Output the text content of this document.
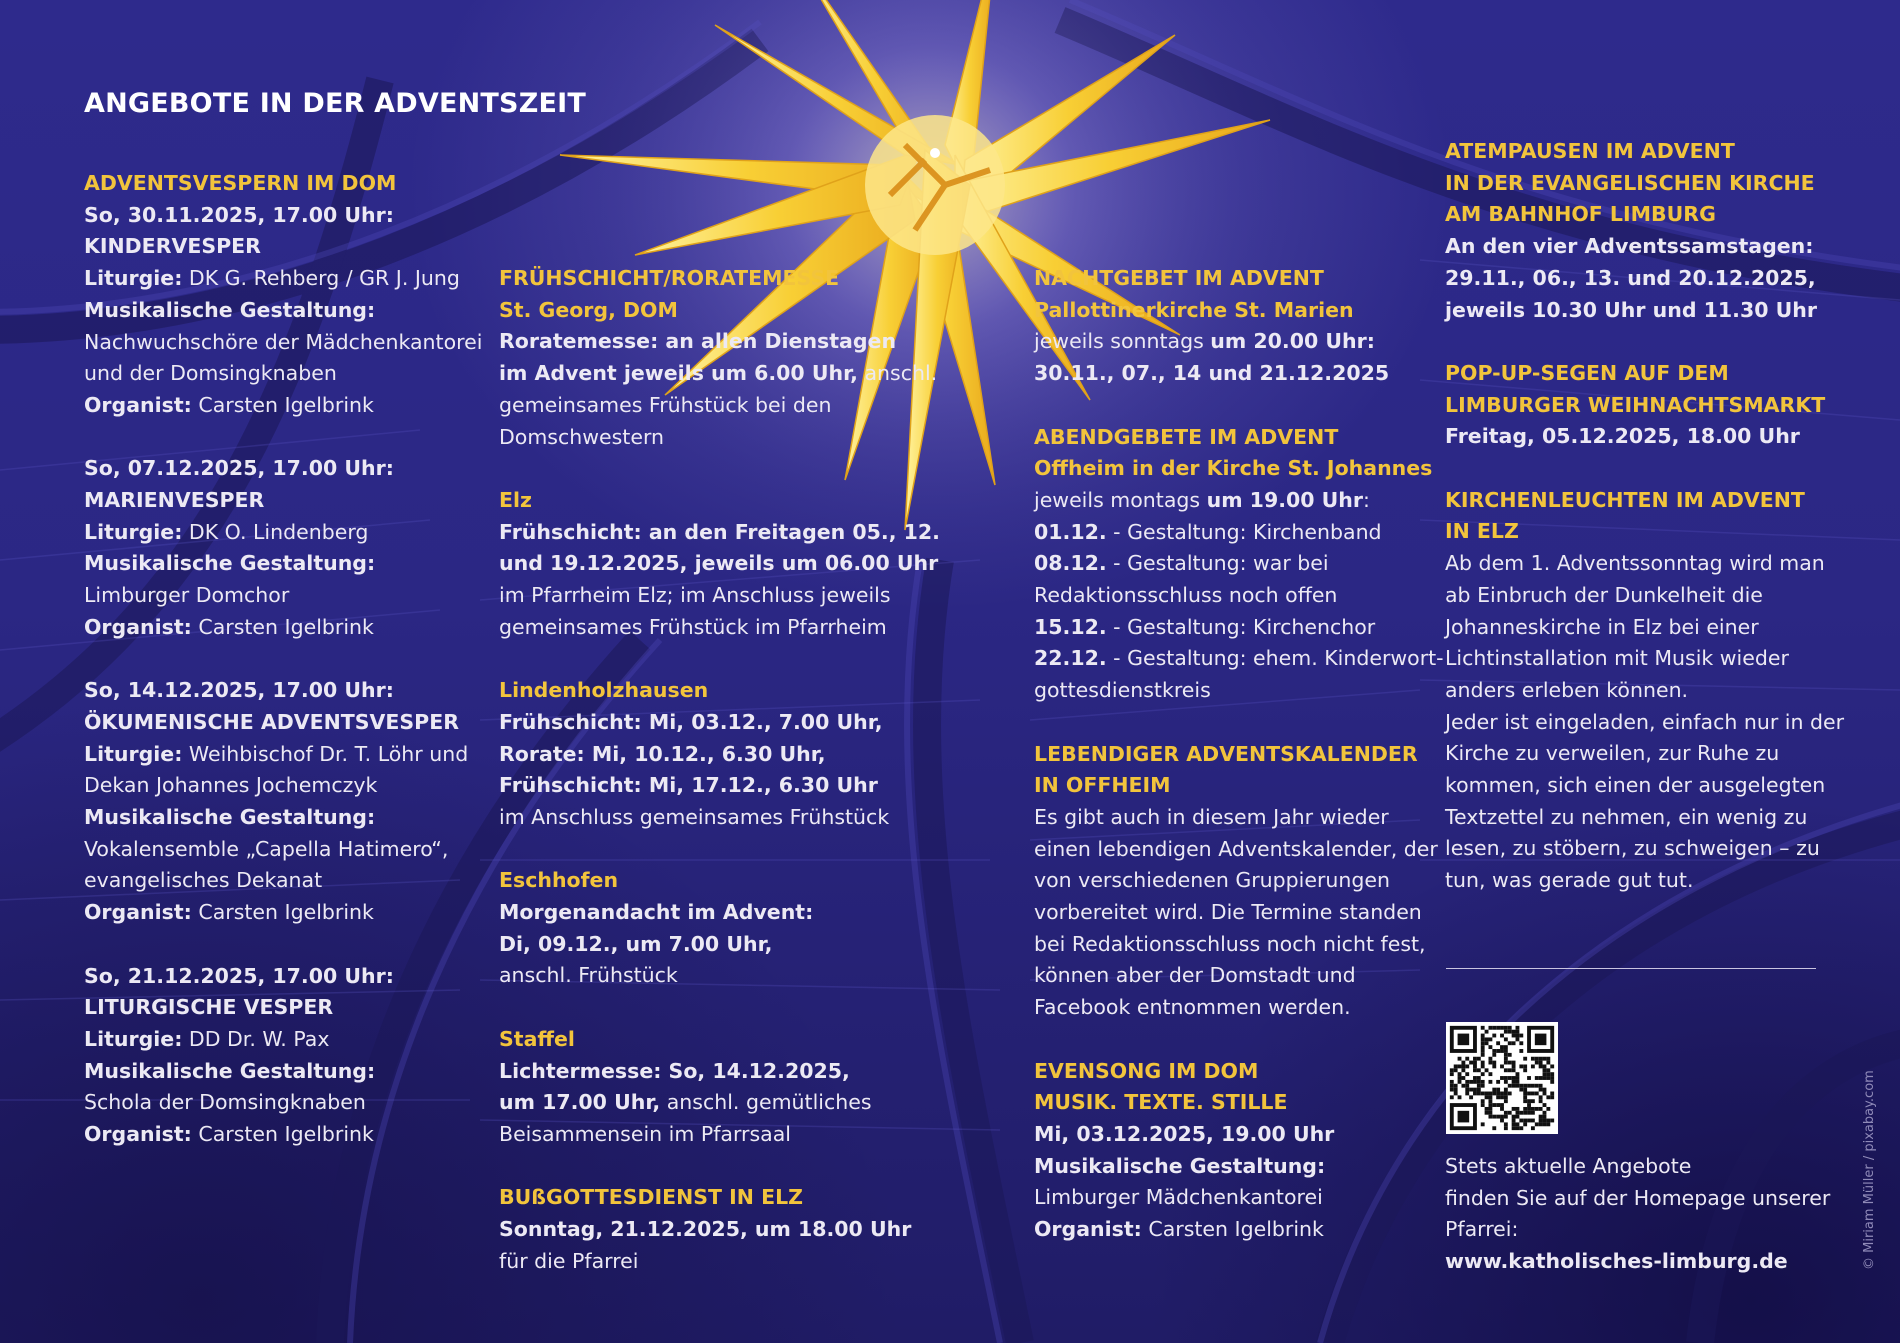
ANGEBOTE IN DER ADVENTSZEIT
ADVENTSVESPERN IM DOM
So, 30.11.2025, 17.00 Uhr:
KINDERVESPER
Liturgie: DK G. Rehberg / GR J. Jung
Musikalische Gestaltung:
Nachwuchschöre der Mädchenkantorei
und der Domsingknaben
Organist: Carsten Igelbrink
So, 07.12.2025, 17.00 Uhr:
MARIENVESPER
Liturgie: DK O. Lindenberg
Musikalische Gestaltung:
Limburger Domchor
Organist: Carsten Igelbrink
So, 14.12.2025, 17.00 Uhr:
ÖKUMENISCHE ADVENTSVESPER
Liturgie: Weihbischof Dr. T. Löhr und
Dekan Johannes Jochemczyk
Musikalische Gestaltung:
Vokalensemble „Capella Hatimero“,
evangelisches Dekanat
Organist: Carsten Igelbrink
So, 21.12.2025, 17.00 Uhr:
LITURGISCHE VESPER
Liturgie: DD Dr. W. Pax
Musikalische Gestaltung:
Schola der Domsingknaben
Organist: Carsten Igelbrink
FRÜHSCHICHT/RORATEMESSE
St. Georg, DOM
Roratemesse: an allen Dienstagen
im Advent jeweils um 6.00 Uhr, anschl.
gemeinsames Frühstück bei den
Domschwestern
Elz
Frühschicht: an den Freitagen 05., 12.
und 19.12.2025, jeweils um 06.00 Uhr
im Pfarrheim Elz; im Anschluss jeweils
gemeinsames Frühstück im Pfarrheim
Lindenholzhausen
Frühschicht: Mi, 03.12., 7.00 Uhr,
Rorate: Mi, 10.12., 6.30 Uhr,
Frühschicht: Mi, 17.12., 6.30 Uhr
im Anschluss gemeinsames Frühstück
Eschhofen
Morgenandacht im Advent:
Di, 09.12., um 7.00 Uhr,
anschl. Frühstück
Staffel
Lichtermesse: So, 14.12.2025,
um 17.00 Uhr, anschl. gemütliches
Beisammensein im Pfarrsaal
BUßGOTTESDIENST IN ELZ
Sonntag, 21.12.2025, um 18.00 Uhr
für die Pfarrei
NACHTGEBET IM ADVENT
Pallottinerkirche St. Marien
jeweils sonntags um 20.00 Uhr:
30.11., 07., 14 und 21.12.2025
ABENDGEBETE IM ADVENT
Offheim in der Kirche St. Johannes
jeweils montags um 19.00 Uhr:
01.12. - Gestaltung: Kirchenband
08.12. - Gestaltung: war bei
Redaktionsschluss noch offen
15.12. - Gestaltung: Kirchenchor
22.12. - Gestaltung: ehem. Kinderwort-
gottesdienstkreis
LEBENDIGER ADVENTSKALENDER
IN OFFHEIM
Es gibt auch in diesem Jahr wieder
einen lebendigen Adventskalender, der
von verschiedenen Gruppierungen
vorbereitet wird. Die Termine standen
bei Redaktionsschluss noch nicht fest,
können aber der Domstadt und
Facebook entnommen werden.
EVENSONG IM DOM
MUSIK. TEXTE. STILLE
Mi, 03.12.2025, 19.00 Uhr
Musikalische Gestaltung:
Limburger Mädchenkantorei
Organist: Carsten Igelbrink
ATEMPAUSEN IM ADVENT
IN DER EVANGELISCHEN KIRCHE
AM BAHNHOF LIMBURG
An den vier Adventssamstagen:
29.11., 06., 13. und 20.12.2025,
jeweils 10.30 Uhr und 11.30 Uhr
POP-UP-SEGEN AUF DEM
LIMBURGER WEIHNACHTSMARKT
Freitag, 05.12.2025, 18.00 Uhr
KIRCHENLEUCHTEN IM ADVENT
IN ELZ
Ab dem 1. Adventssonntag wird man
ab Einbruch der Dunkelheit die
Johanneskirche in Elz bei einer
Lichtinstallation mit Musik wieder
anders erleben können.
Jeder ist eingeladen, einfach nur in der
Kirche zu verweilen, zur Ruhe zu
kommen, sich einen der ausgelegten
Textzettel zu nehmen, ein wenig zu
lesen, zu stöbern, zu schweigen – zu
tun, was gerade gut tut.
Stets aktuelle Angebote
finden Sie auf der Homepage unserer
Pfarrei:
www.katholisches-limburg.de	© Miriam Müller / pixabay.com
